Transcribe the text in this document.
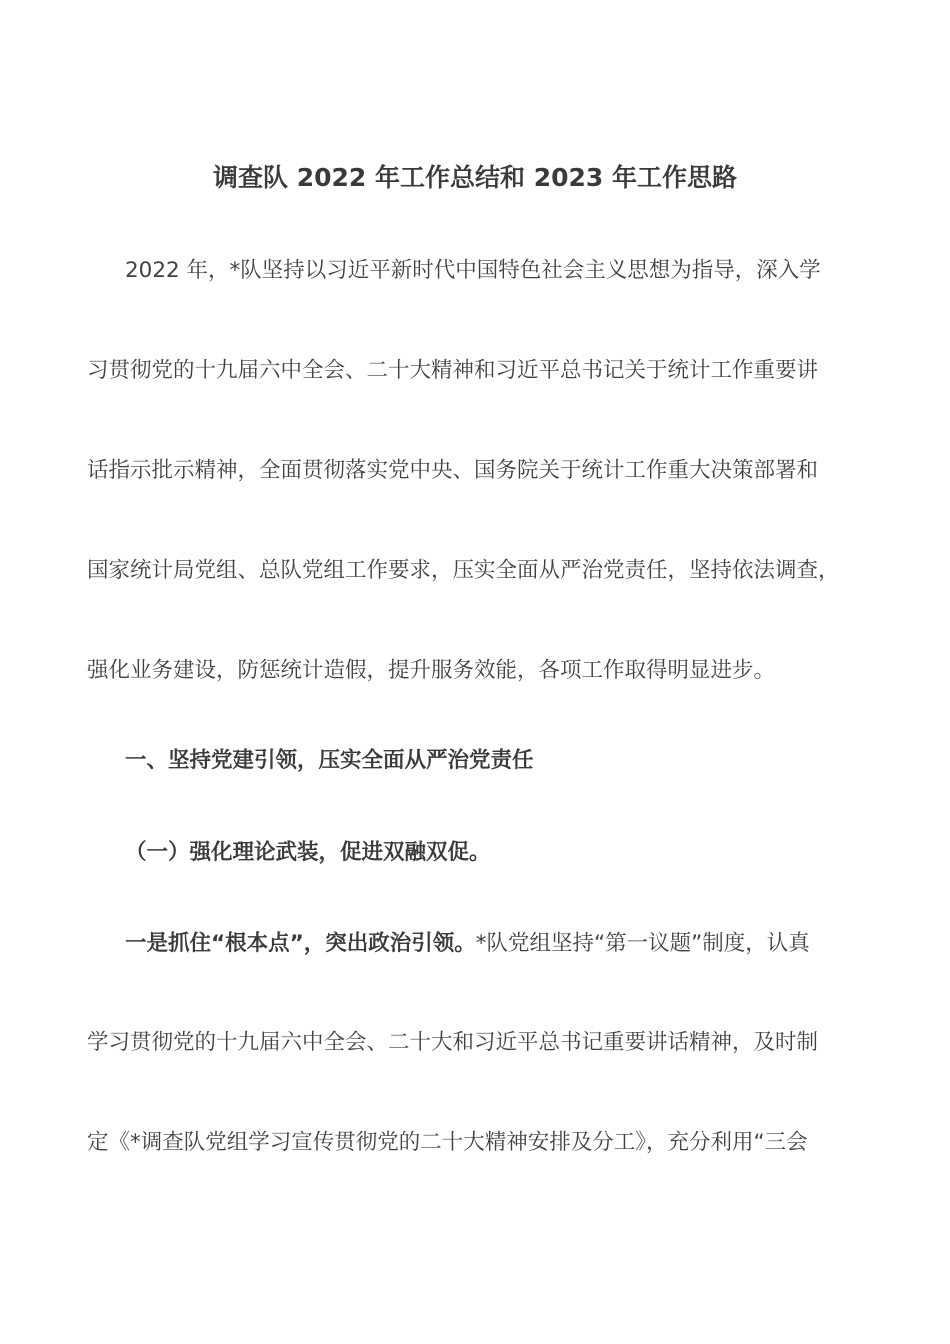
调查队 2022 年工作总结和 2023 年工作思路
2022 年，*队坚持以习近平新时代中国特色社会主义思想为指导，深入学
习贯彻党的十九届六中全会、二十大精神和习近平总书记关于统计工作重要讲
话指示批示精神，全面贯彻落实党中央、国务院关于统计工作重大决策部署和
国家统计局党组、总队党组工作要求，压实全面从严治党责任，坚持依法调查，
强化业务建设，防惩统计造假，提升服务效能，各项工作取得明显进步。
一、坚持党建引领，压实全面从严治党责任
（一）强化理论武装，促进双融双促。
一是抓住“根本点”，突出政治引领。*队党组坚持“第一议题”制度，认真
学习贯彻党的十九届六中全会、二十大和习近平总书记重要讲话精神，及时制
定《*调查队党组学习宣传贯彻党的二十大精神安排及分工》，充分利用“三会
